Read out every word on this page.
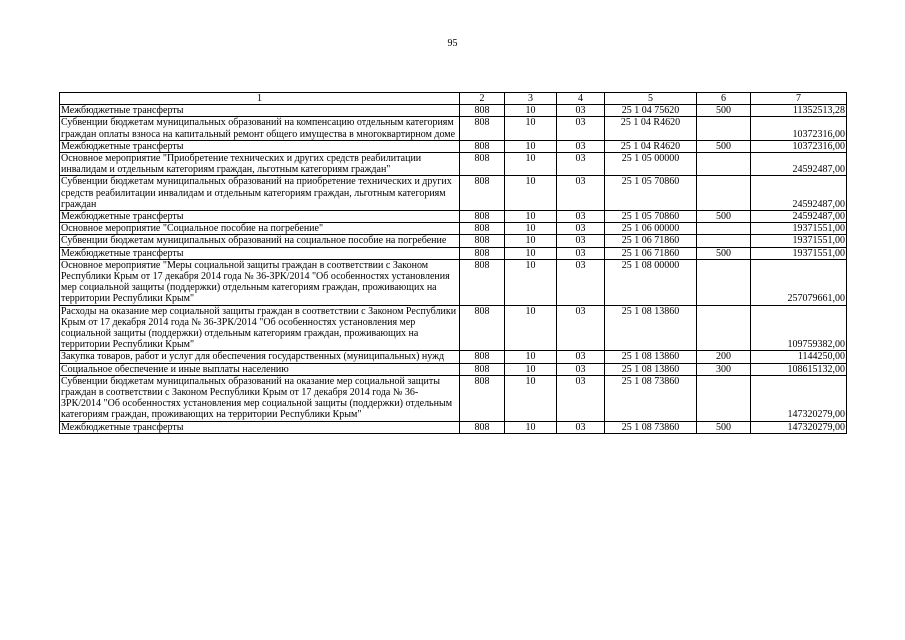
95
1	2	3	4	5	6	7
Межбюджетные трансферты	808	10	03	25 1 04 75620	500	11352513,28
Субвенции бюджетам муниципальных образований на компенсацию отдельным категориям граждан оплаты взноса на капитальный ремонт общего имущества в многоквартирном доме	808	10	03	25 1 04 R4620		10372316,00
Межбюджетные трансферты	808	10	03	25 1 04 R4620	500	10372316,00
Основное мероприятие "Приобретение технических и других средств реабилитации инвалидам и отдельным категориям граждан, льготным категориям граждан"	808	10	03	25 1 05 00000		24592487,00
Субвенции бюджетам муниципальных образований на приобретение технических и других средств реабилитации инвалидам и отдельным категориям граждан, льготным категориям граждан	808	10	03	25 1 05 70860		24592487,00
Межбюджетные трансферты	808	10	03	25 1 05 70860	500	24592487,00
Основное мероприятие "Социальное пособие на погребение"	808	10	03	25 1 06 00000		19371551,00
Субвенции бюджетам муниципальных образований на социальное пособие на погребение	808	10	03	25 1 06 71860		19371551,00
Межбюджетные трансферты	808	10	03	25 1 06 71860	500	19371551,00
Основное мероприятие "Меры социальной защиты граждан в соответствии с Законом Республики Крым от 17 декабря 2014 года № 36-ЗРК/2014 "Об особенностях установления мер социальной защиты (поддержки) отдельным категориям граждан, проживающих на территории Республики Крым"	808	10	03	25 1 08 00000		257079661,00
Расходы на оказание мер социальной защиты граждан в соответствии с Законом Республики Крым от 17 декабря 2014 года № 36-ЗРК/2014 "Об особенностях установления мер социальной защиты (поддержки) отдельным категориям граждан, проживающих на территории Республики Крым"	808	10	03	25 1 08 13860		109759382,00
Закупка товаров, работ и услуг для обеспечения государственных (муниципальных) нужд	808	10	03	25 1 08 13860	200	1144250,00
Социальное обеспечение и иные выплаты населению	808	10	03	25 1 08 13860	300	108615132,00
Субвенции бюджетам муниципальных образований на оказание мер социальной защиты граждан в соответствии с Законом Республики Крым от 17 декабря 2014 года № 36-ЗРК/2014 "Об особенностях установления мер социальной защиты (поддержки) отдельным категориям граждан, проживающих на территории Республики Крым"	808	10	03	25 1 08 73860		147320279,00
Межбюджетные трансферты	808	10	03	25 1 08 73860	500	147320279,00
